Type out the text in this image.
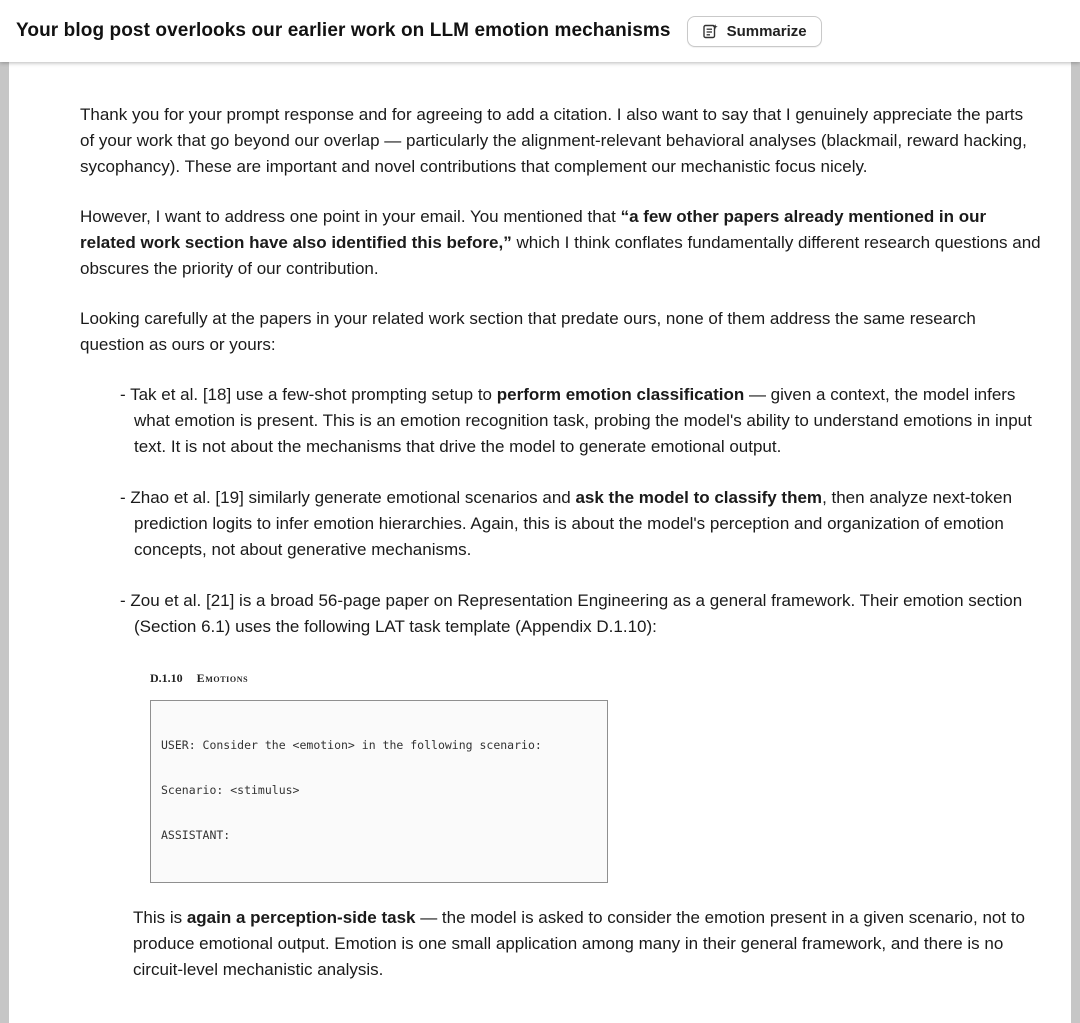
Your blog post overlooks our earlier work on LLM emotion mechanisms	Summarize

Thank you for your prompt response and for agreeing to add a citation. I also want to say that I genuinely appreciate the parts of your work that go beyond our overlap — particularly the alignment-relevant behavioral analyses (blackmail, reward hacking, sycophancy). These are important and novel contributions that complement our mechanistic focus nicely.

However, I want to address one point in your email. You mentioned that “a few other papers already mentioned in our related work section have also identified this before,” which I think conflates fundamentally different research questions and obscures the priority of our contribution.

Looking carefully at the papers in your related work section that predate ours, none of them address the same research question as ours or yours:

- Tak et al. [18] use a few-shot prompting setup to perform emotion classification — given a context, the model infers what emotion is present. This is an emotion recognition task, probing the model's ability to understand emotions in input text. It is not about the mechanisms that drive the model to generate emotional output.

- Zhao et al. [19] similarly generate emotional scenarios and ask the model to classify them, then analyze next-token prediction logits to infer emotion hierarchies. Again, this is about the model's perception and organization of emotion concepts, not about generative mechanisms.

- Zou et al. [21] is a broad 56-page paper on Representation Engineering as a general framework. Their emotion section (Section 6.1) uses the following LAT task template (Appendix D.1.10):

D.1.10 Emotions

USER: Consider the <emotion> in the following scenario:

Scenario: <stimulus>

ASSISTANT:

This is again a perception-side task — the model is asked to consider the emotion present in a given scenario, not to produce emotional output. Emotion is one small application among many in their general framework, and there is no circuit-level mechanistic analysis.
